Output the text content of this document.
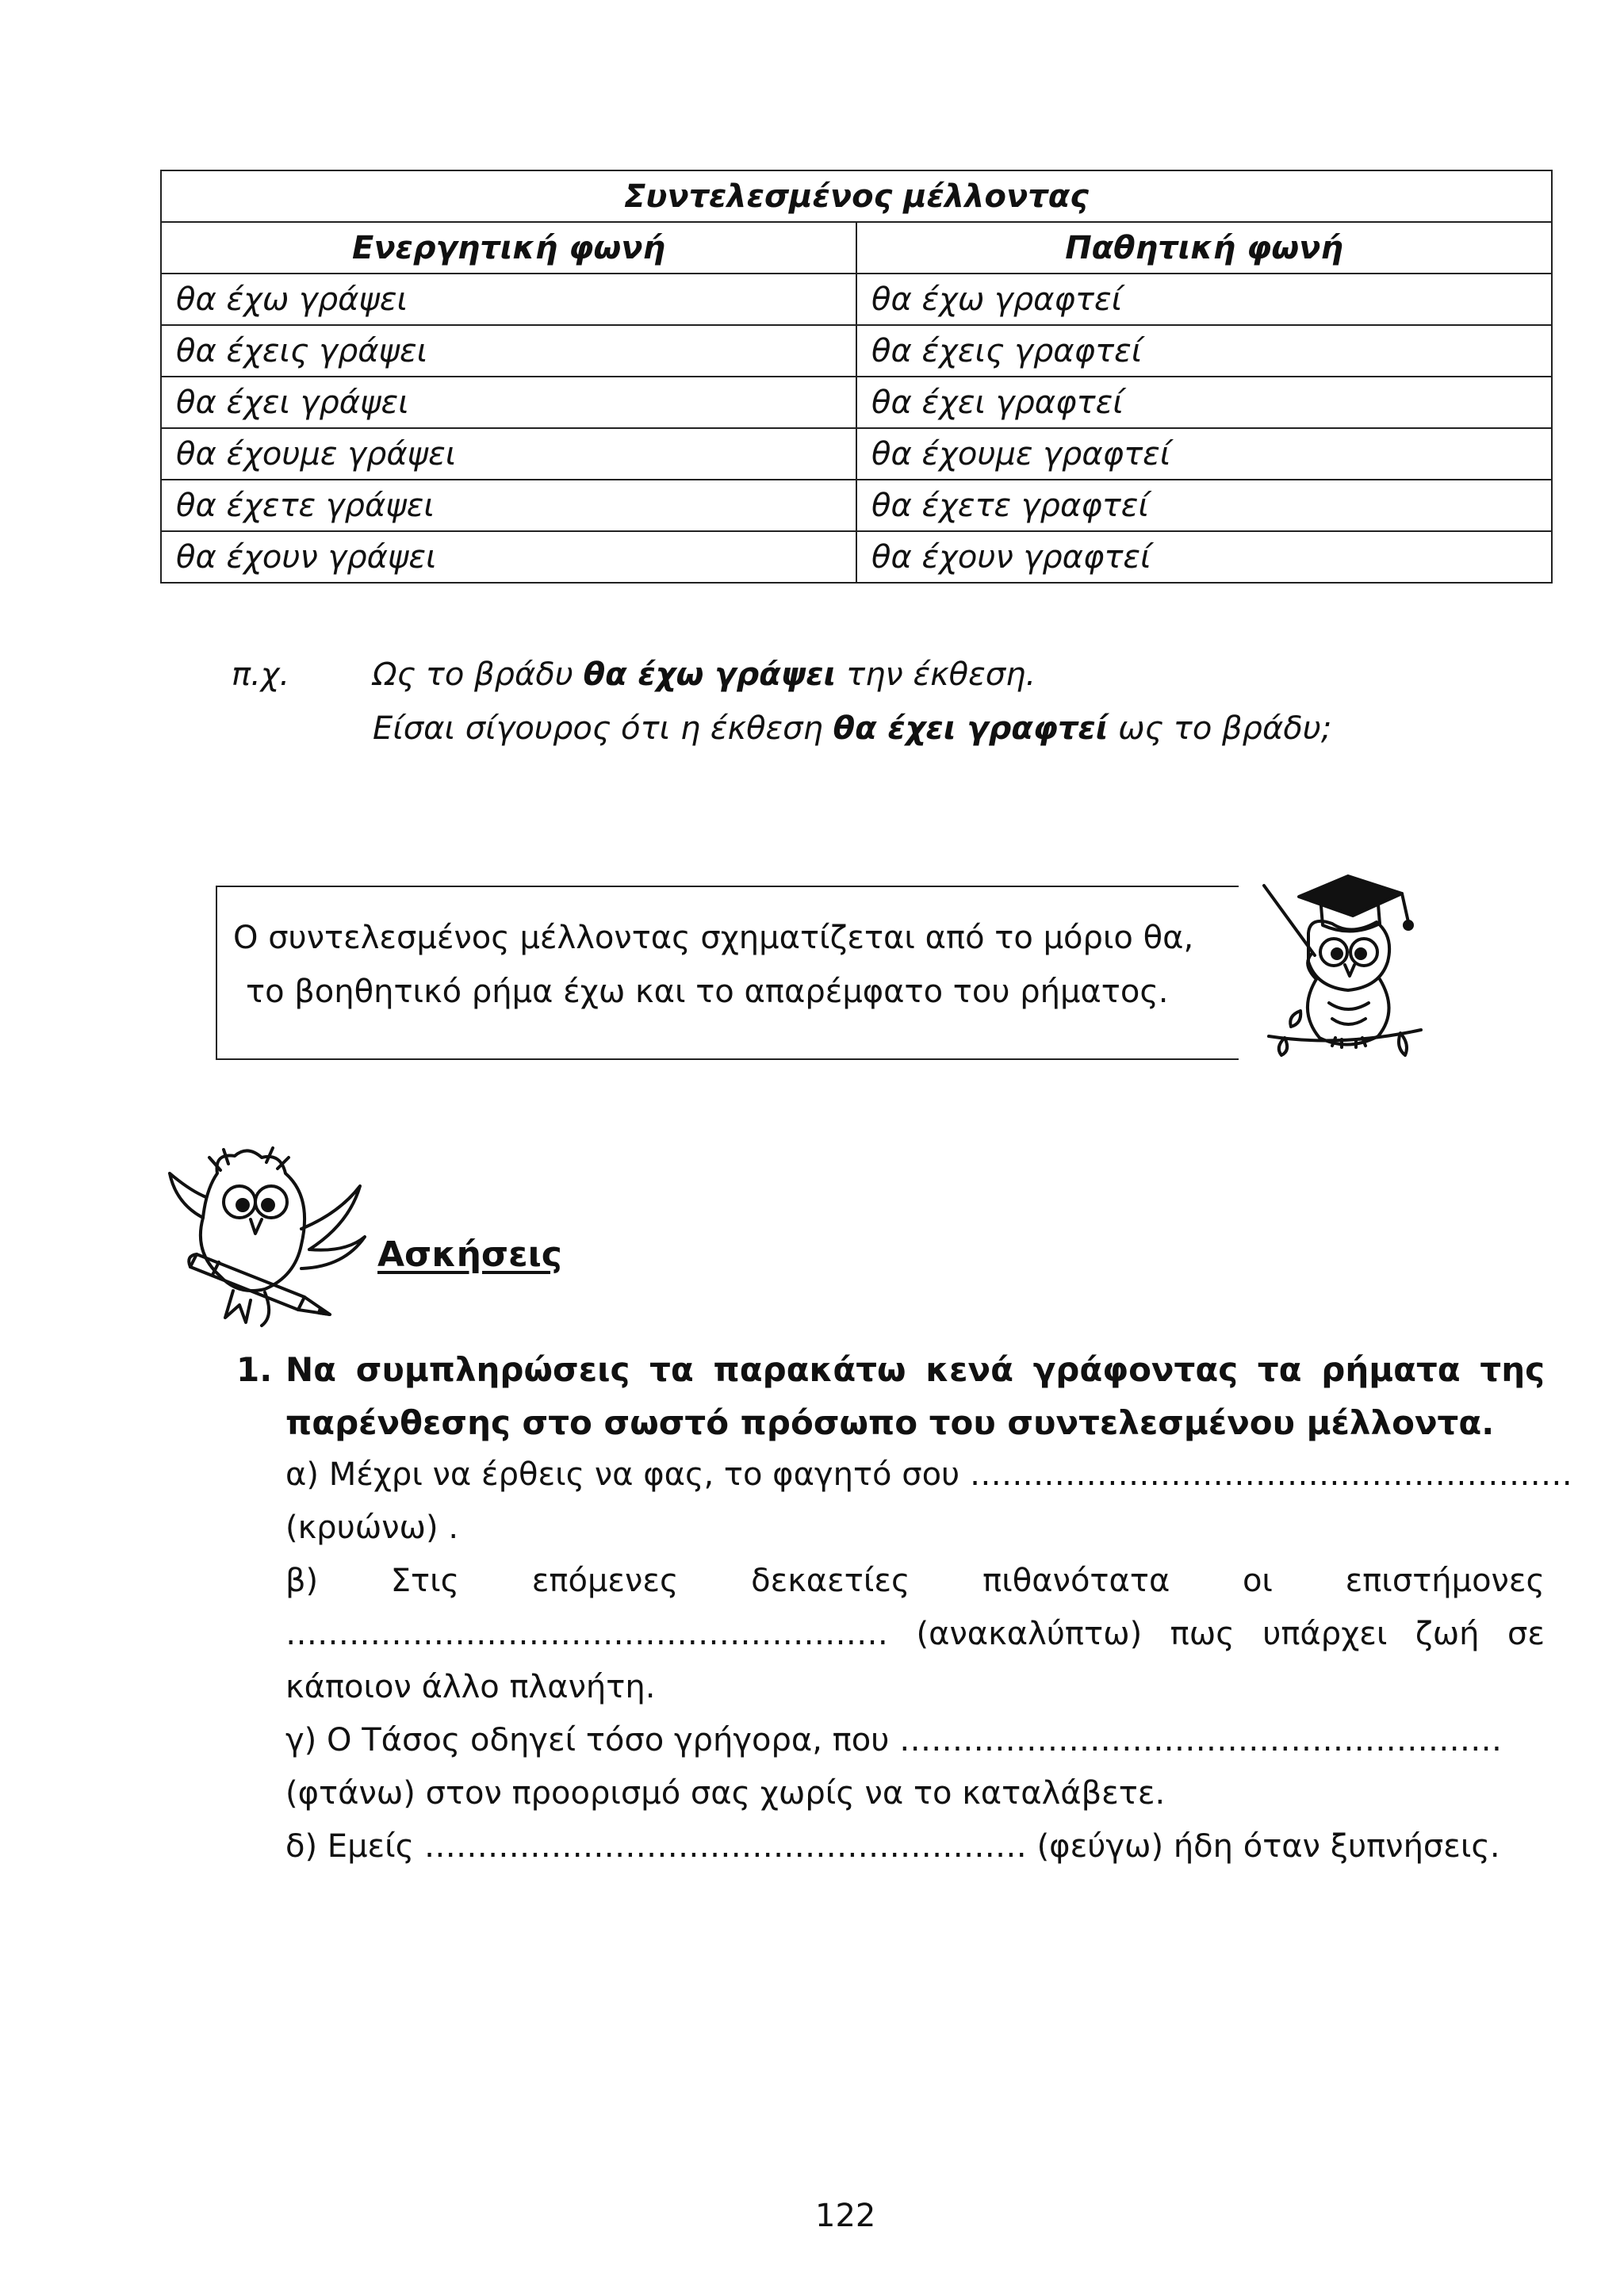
Συντελεσμένος μέλλοντας	
Ενεργητική φωνή	Παθητική φωνή
θα έχω γράψει	θα έχω γραφτεί
θα έχεις γράψει	θα έχεις γραφτεί
θα έχει γράψει	θα έχει γραφτεί
θα έχουμε γράψει	θα έχουμε γραφτεί
θα έχετε γράψει	θα έχετε γραφτεί
θα έχουν γράψει	θα έχουν γραφτεί
π.χ.	Ως το βράδυ θα έχω γράψει την έκθεση.
Είσαι σίγουρος ότι η έκθεση θα έχει γραφτεί ως το βράδυ;
Ο συντελεσμένος μέλλοντας σχηματίζεται από το μόριο θα,
το βοηθητικό ρήμα έχω και το απαρέμφατο του ρήματος.
Ασκήσεις
1. Να συμπληρώσεις τα παρακάτω κενά γράφοντας τα ρήματα της
παρένθεσης στο σωστό πρόσωπο του συντελεσμένου μέλλοντα.
α) Μέχρι να έρθεις να φας, το φαγητό σου …………………………………………………
(κρυώνω) .
β) Στις επόμενες δεκαετίες πιθανότατα οι επιστήμονες
………………………………………………… (ανακαλύπτω) πως υπάρχει ζωή σε
κάποιον άλλο πλανήτη.
γ) Ο Τάσος οδηγεί τόσο γρήγορα, που …………………………………………………
(φτάνω) στον προορισμό σας χωρίς να το καταλάβετε.
δ) Εμείς ………………………………………………… (φεύγω) ήδη όταν ξυπνήσεις.
122
